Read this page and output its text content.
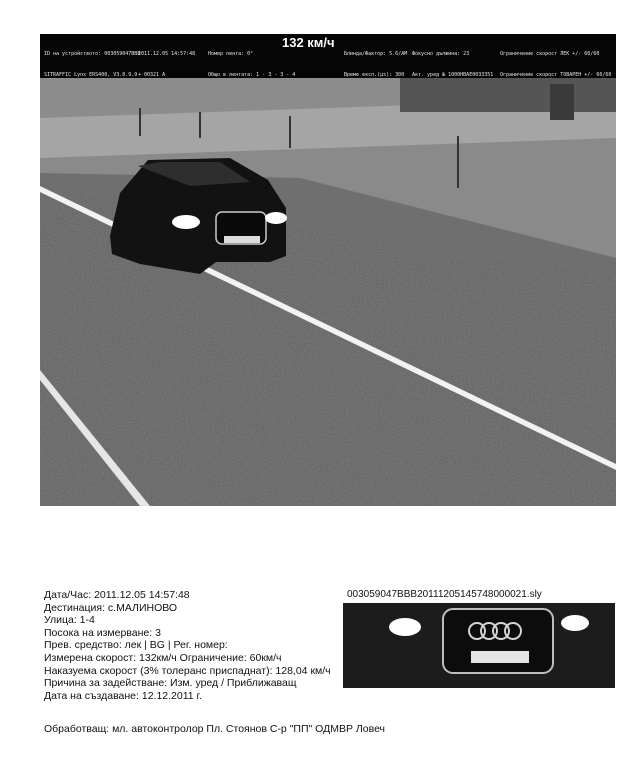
ID на устройството: 003059047BBB

SITRAFFIC Lynx ERS400, V3.0.9.9

2011.12.05 14:57:48

+ 00321 A

Номер лента: 0°

Общо в лентата: 1 - 3 - 3 - 4

132 км/ч

Блинда/Фактор: 5.6/АМ

Време експ.(µs): 300

Фокусно дължина: 23

Акт. уред № 1000НВАЕ0033351

Ограничение скорост ЛЕК +/- 60/60

Ограничение скорост ТОВАРЕН +/- 60/60

Дата/Час: 2011.12.05 14:57:48
Дестинация: с.МАЛИНОВО
Улица: 1-4
Посока на измерване: 3
Прев. средство: лек | BG | Рег. номер:
Измерена скорост: 132км/ч Ограничение: 60км/ч
Наказуема скорост (3% толеранс приспаднат): 128,04 км/ч
Причина за задействане: Изм. уред / Приближаващ
Дата на създаване: 12.12.2011 г.
003059047BBB20111205145748000021.sly
Обработващ: мл. автоконтролор Пл. Стоянов С-р "ПП" ОДМВР Ловеч
